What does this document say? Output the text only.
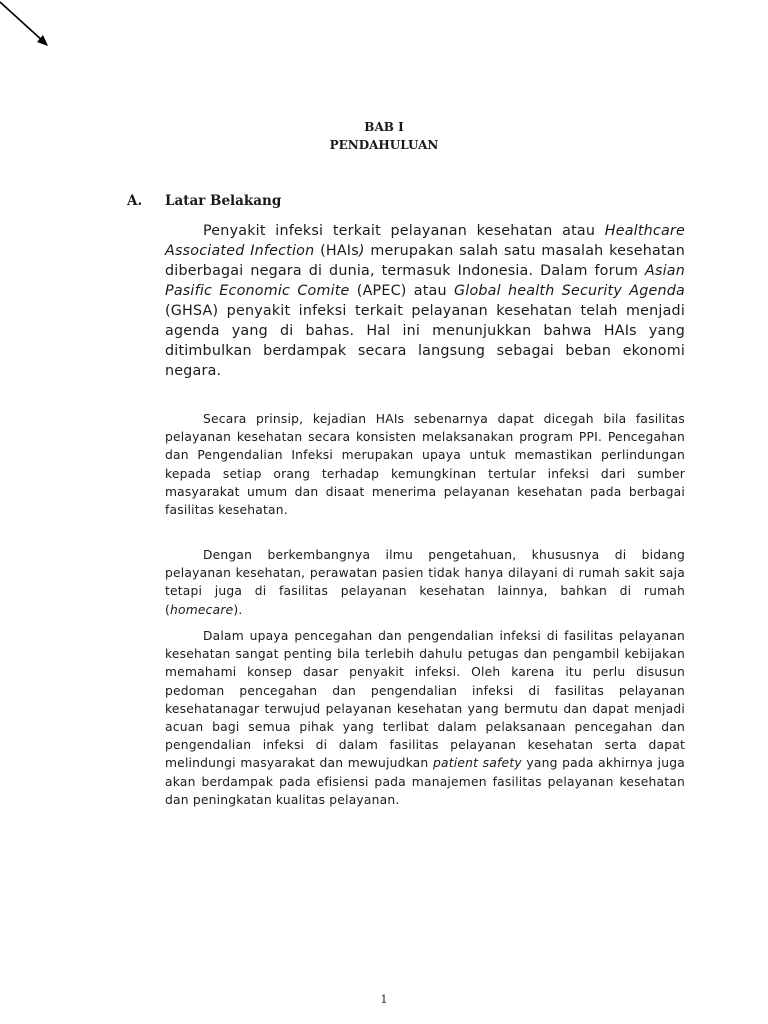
BAB I
PENDAHULUAN
A. Latar Belakang

Penyakit infeksi terkait pelayanan kesehatan atau Healthcare Associated Infection (HAIs) merupakan salah satu masalah kesehatan diberbagai negara di dunia, termasuk Indonesia. Dalam forum Asian Pasific Economic Comite (APEC) atau Global health Security Agenda (GHSA) penyakit infeksi terkait pelayanan kesehatan telah menjadi agenda yang di bahas. Hal ini menunjukkan bahwa HAIs yang ditimbulkan berdampak secara langsung sebagai beban ekonomi negara.

Secara prinsip, kejadian HAIs sebenarnya dapat dicegah bila fasilitas pelayanan kesehatan secara konsisten melaksanakan program PPI. Pencegahan dan Pengendalian Infeksi merupakan upaya untuk memastikan perlindungan kepada setiap orang terhadap kemungkinan tertular infeksi dari sumber masyarakat umum dan disaat menerima pelayanan kesehatan pada berbagai fasilitas kesehatan.

Dengan berkembangnya ilmu pengetahuan, khususnya di bidang pelayanan kesehatan, perawatan pasien tidak hanya dilayani di rumah sakit saja tetapi juga di fasilitas pelayanan kesehatan lainnya, bahkan di rumah (homecare).

Dalam upaya pencegahan dan pengendalian infeksi di fasilitas pelayanan kesehatan sangat penting bila terlebih dahulu petugas dan pengambil kebijakan memahami konsep dasar penyakit infeksi. Oleh karena itu perlu disusun pedoman pencegahan dan pengendalian infeksi di fasilitas pelayanan kesehatanagar terwujud pelayanan kesehatan yang bermutu dan dapat menjadi acuan bagi semua pihak yang terlibat dalam pelaksanaan pencegahan dan pengendalian infeksi di dalam fasilitas pelayanan kesehatan serta dapat melindungi masyarakat dan mewujudkan patient safety yang pada akhirnya juga akan berdampak pada efisiensi pada manajemen fasilitas pelayanan kesehatan dan peningkatan kualitas pelayanan.

1
